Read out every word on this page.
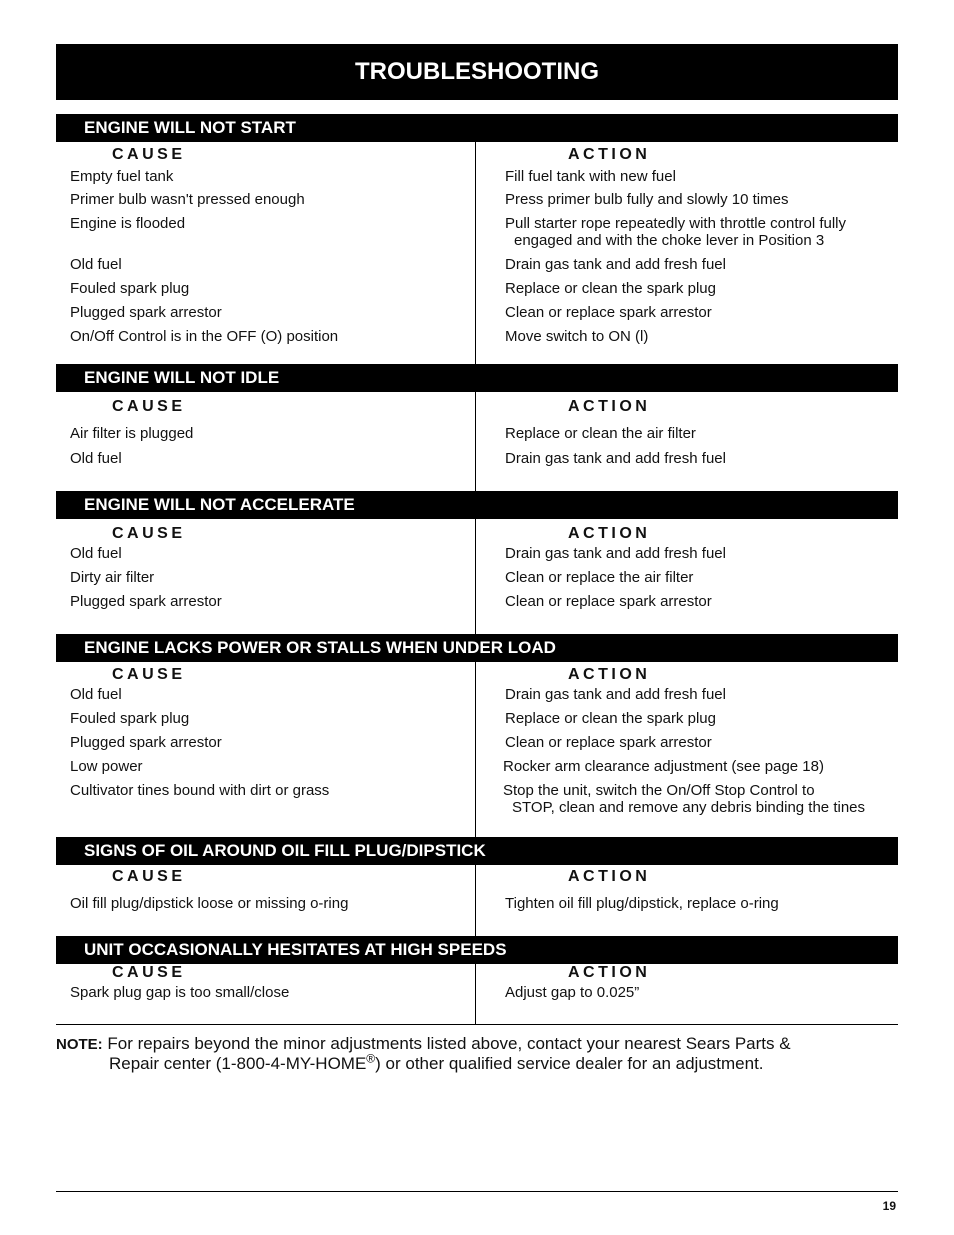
TROUBLESHOOTING
ENGINE WILL NOT START
CAUSE	ACTION
Empty fuel tank	Fill fuel tank with new fuel
Primer bulb wasn't pressed enough	Press primer bulb fully and slowly 10 times
Engine is flooded	Pull starter rope repeatedly with throttle control fully
engaged and with the choke lever in Position 3
Old fuel	Drain gas tank and add fresh fuel
Fouled spark plug	Replace or clean the spark plug
Plugged spark arrestor	Clean or replace spark arrestor
On/Off Control is in the OFF (O) position	Move switch to ON (l)
ENGINE WILL NOT IDLE
CAUSE	ACTION
Air filter is plugged	Replace or clean the air filter
Old fuel	Drain gas tank and add fresh fuel
ENGINE WILL NOT ACCELERATE
CAUSE	ACTION
Old fuel	Drain gas tank and add fresh fuel
Dirty air filter	Clean or replace the air filter
Plugged spark arrestor	Clean or replace spark arrestor
ENGINE LACKS POWER OR STALLS WHEN UNDER LOAD
CAUSE	ACTION
Old fuel	Drain gas tank and add fresh fuel
Fouled spark plug	Replace or clean the spark plug
Plugged spark arrestor	Clean or replace spark arrestor
Low power	Rocker arm clearance adjustment (see page 18)
Cultivator tines bound with dirt or grass	Stop the unit, switch the On/Off Stop Control to
STOP, clean and remove any debris binding the tines
SIGNS OF OIL AROUND OIL FILL PLUG/DIPSTICK
CAUSE	ACTION
Oil fill plug/dipstick loose or missing o-ring	Tighten oil fill plug/dipstick, replace o-ring
UNIT OCCASIONALLY HESITATES AT HIGH SPEEDS
CAUSE	ACTION
Spark plug gap is too small/close	Adjust gap to 0.025”
NOTE: For repairs beyond the minor adjustments listed above, contact your nearest Sears Parts &
Repair center (1-800-4-MY-HOME®) or other qualified service dealer for an adjustment.
19
